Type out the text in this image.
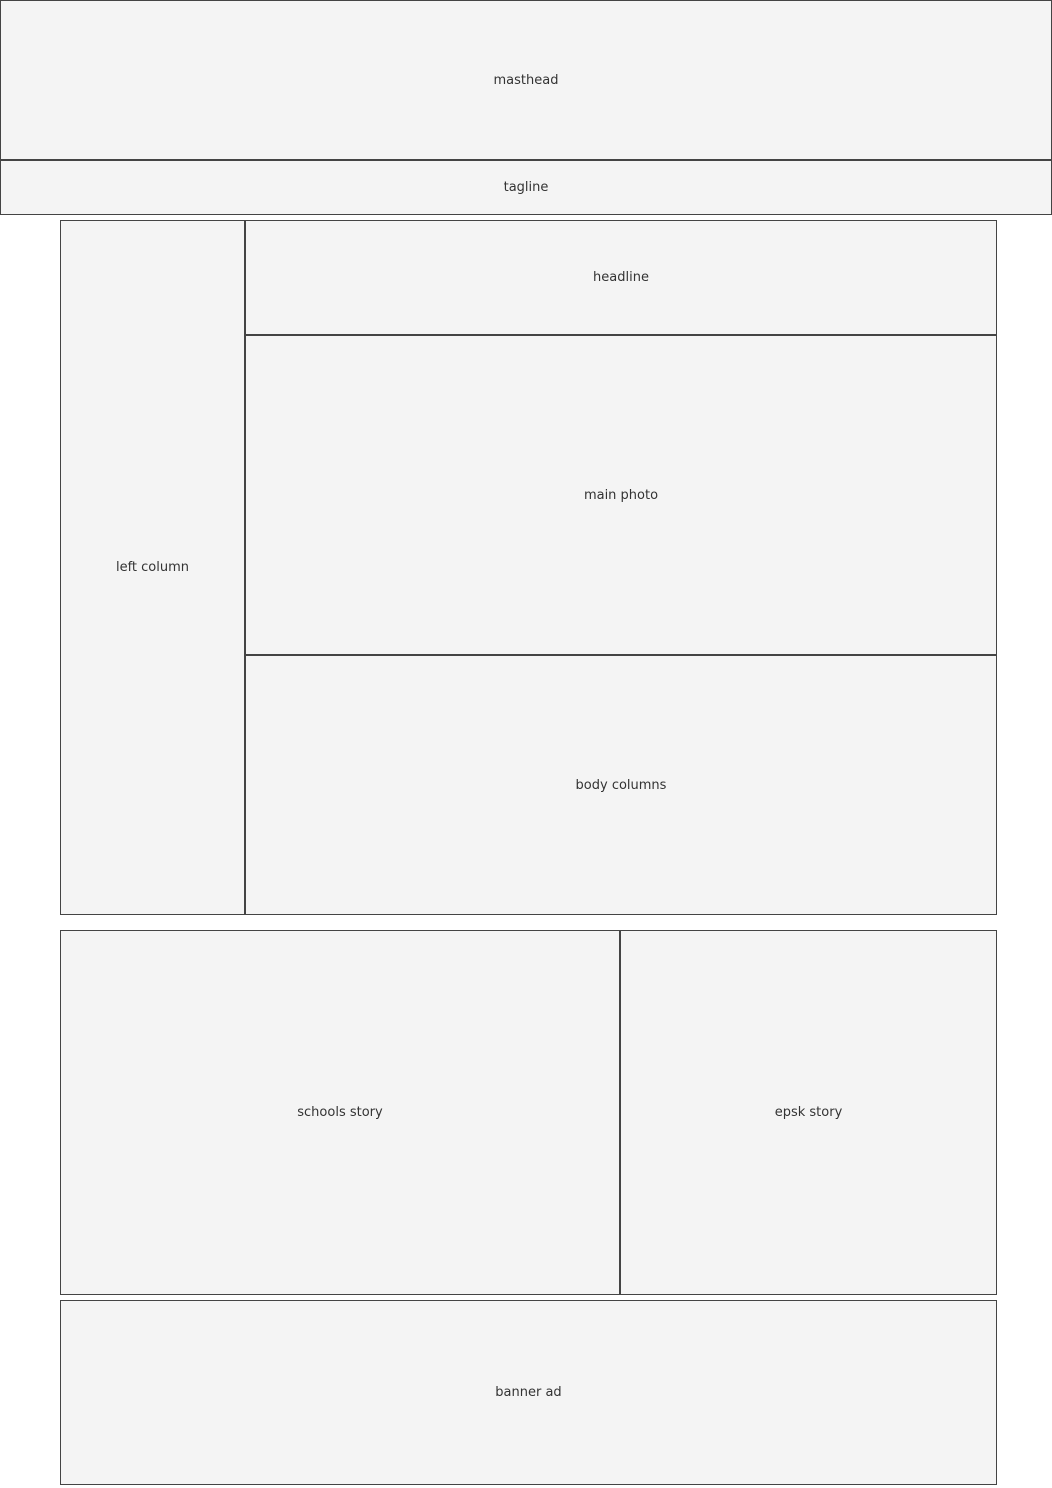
masthead
tagline
left column
headline
main photo
body columns
schools story	epsk story
banner ad
